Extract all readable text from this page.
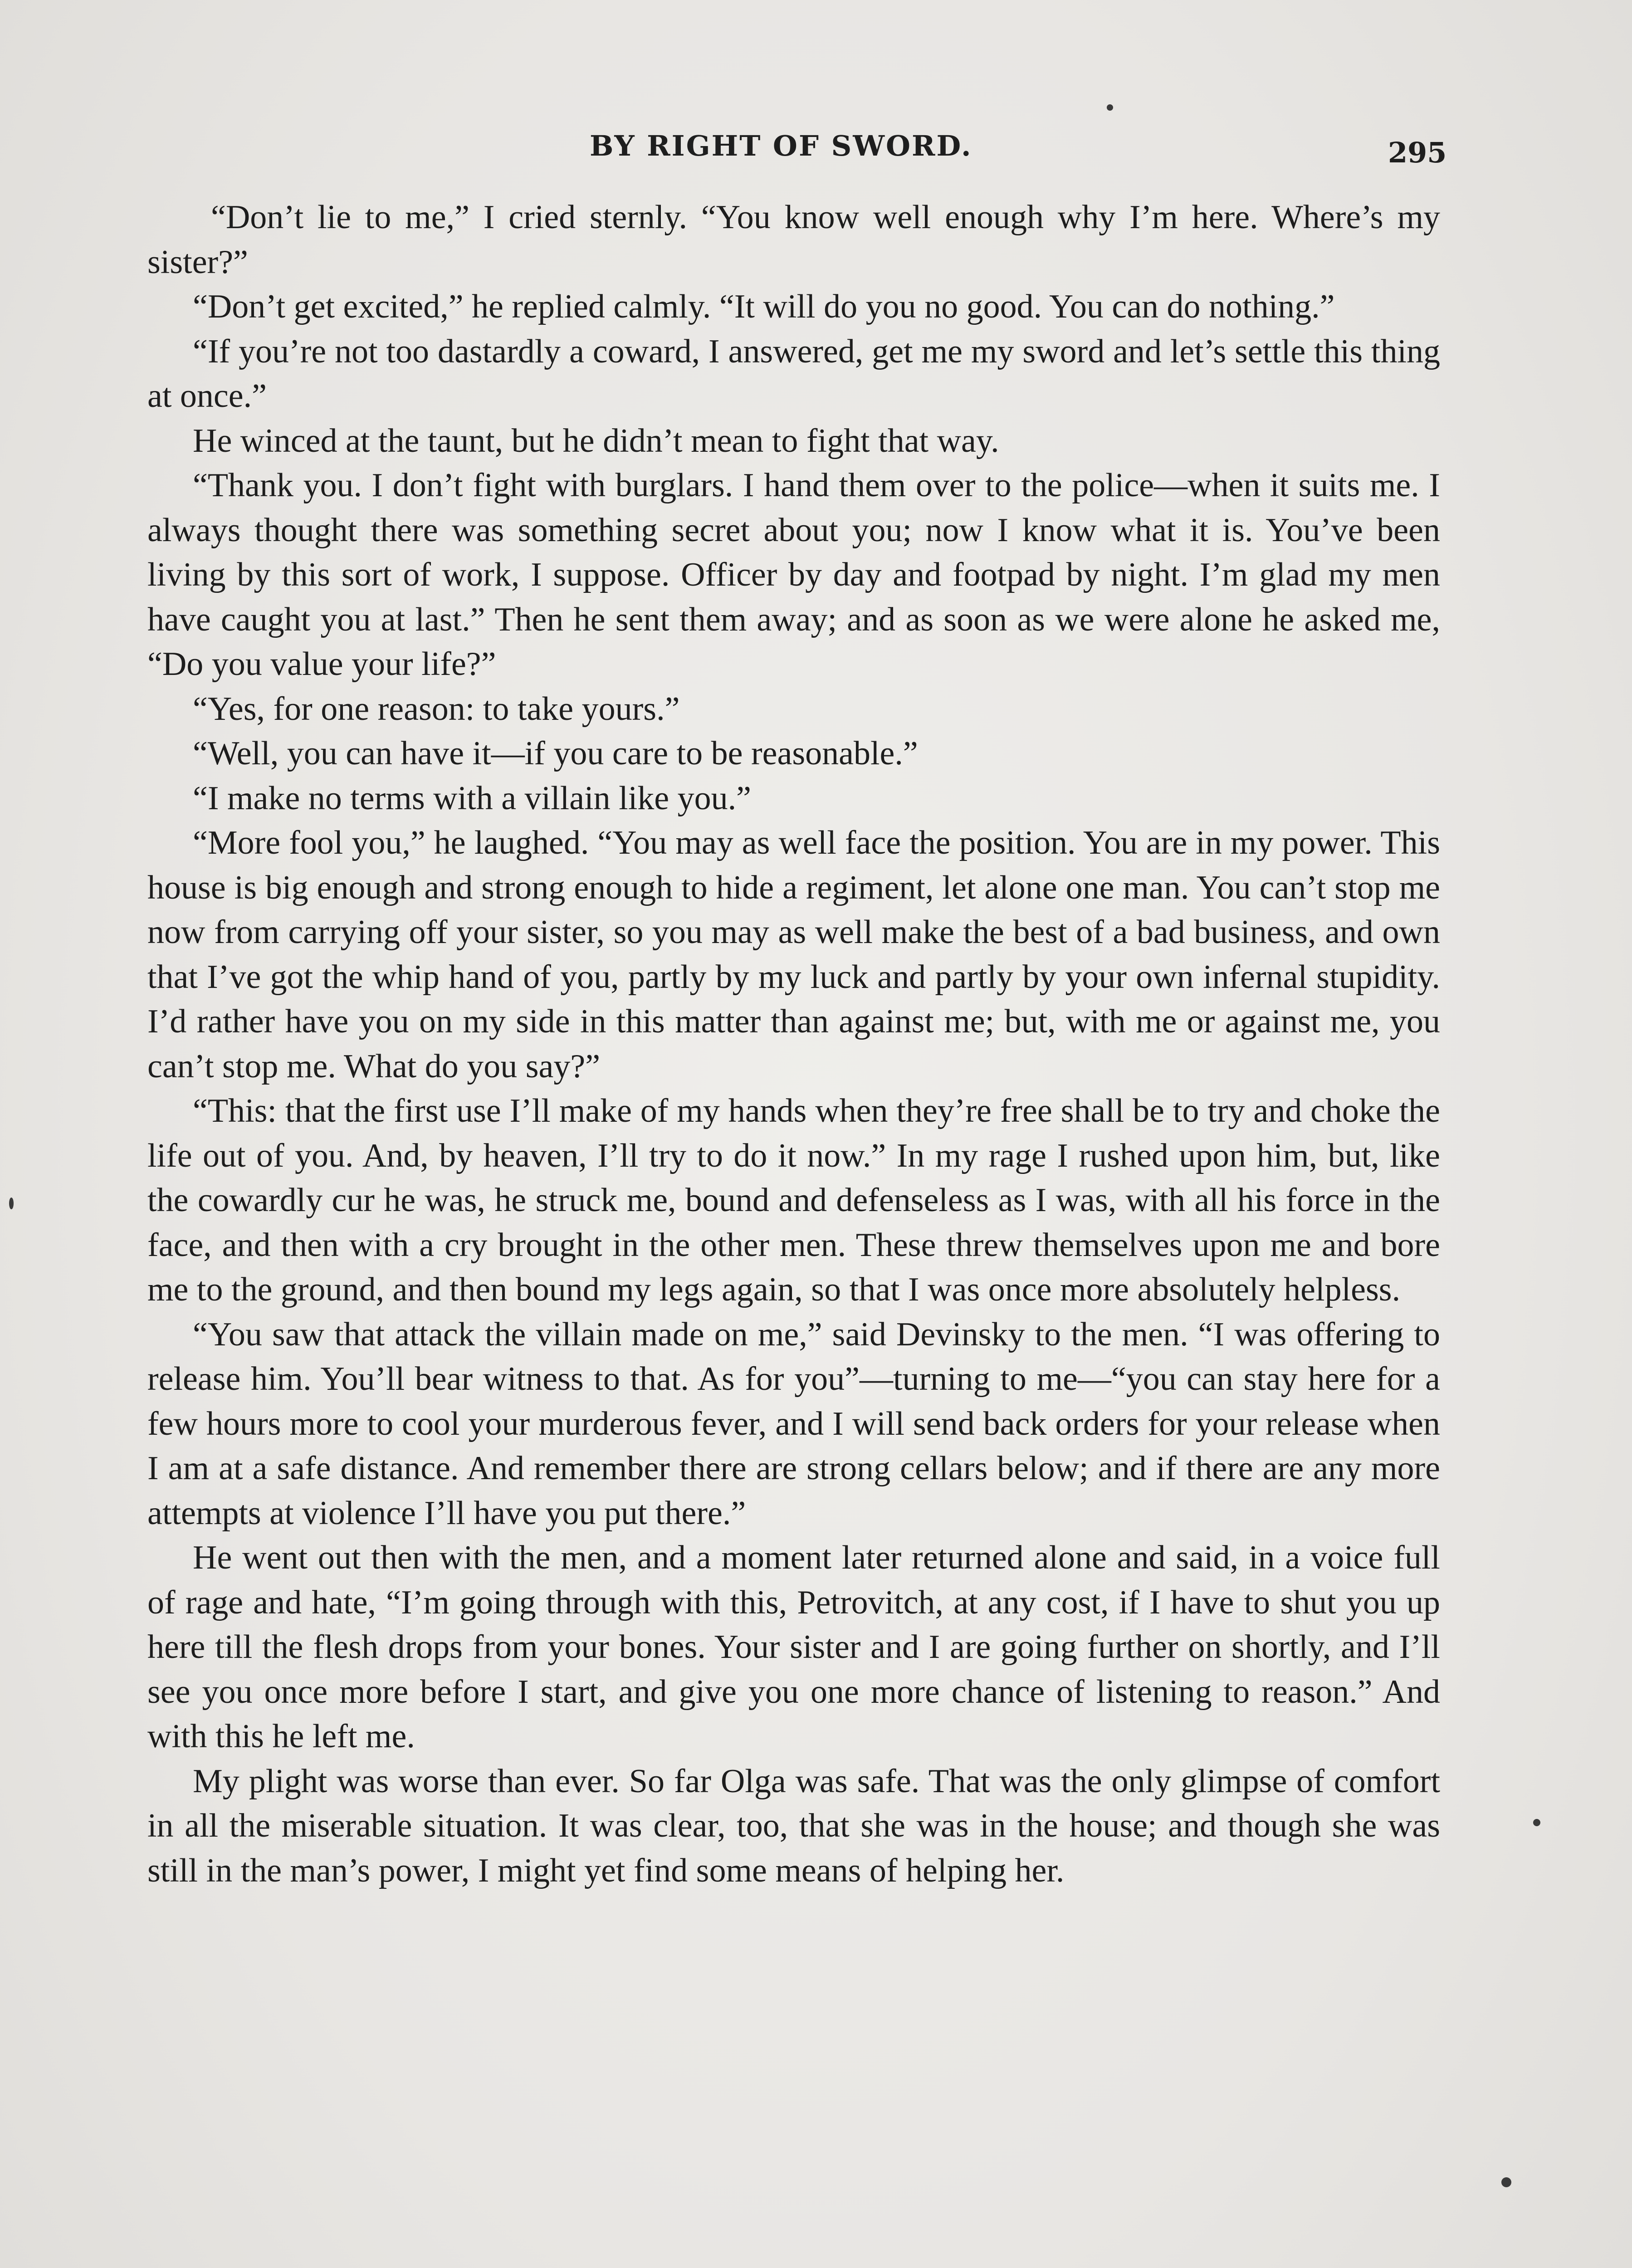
BY RIGHT OF SWORD.	295

“Don’t lie to me,” I cried sternly. “You know well enough why I’m here. Where’s my sister?”

“Don’t get excited,” he replied calmly. “It will do you no good. You can do nothing.”

“If you’re not too dastardly a coward, I answered, get me my sword and let’s settle this thing at once.”

He winced at the taunt, but he didn’t mean to fight that way.

“Thank you. I don’t fight with burglars. I hand them over to the police—when it suits me. I always thought there was something secret about you; now I know what it is. You’ve been living by this sort of work, I suppose. Officer by day and footpad by night. I’m glad my men have caught you at last.” Then he sent them away; and as soon as we were alone he asked me, “Do you value your life?”

“Yes, for one reason: to take yours.”

“Well, you can have it—if you care to be reasonable.”

“I make no terms with a villain like you.”

“More fool you,” he laughed. “You may as well face the position. You are in my power. This house is big enough and strong enough to hide a regiment, let alone one man. You can’t stop me now from carrying off your sister, so you may as well make the best of a bad business, and own that I’ve got the whip hand of you, partly by my luck and partly by your own infernal stupidity. I’d rather have you on my side in this matter than against me; but, with me or against me, you can’t stop me. What do you say?”

“This: that the first use I’ll make of my hands when they’re free shall be to try and choke the life out of you. And, by heaven, I’ll try to do it now.” In my rage I rushed upon him, but, like the cowardly cur he was, he struck me, bound and defenseless as I was, with all his force in the face, and then with a cry brought in the other men. These threw themselves upon me and bore me to the ground, and then bound my legs again, so that I was once more absolutely helpless.

“You saw that attack the villain made on me,” said Devinsky to the men. “I was offering to release him. You’ll bear witness to that. As for you”—turning to me—“you can stay here for a few hours more to cool your murderous fever, and I will send back orders for your release when I am at a safe distance. And remember there are strong cellars below; and if there are any more attempts at violence I’ll have you put there.”

He went out then with the men, and a moment later returned alone and said, in a voice full of rage and hate, “I’m going through with this, Petrovitch, at any cost, if I have to shut you up here till the flesh drops from your bones. Your sister and I are going further on shortly, and I’ll see you once more before I start, and give you one more chance of listening to reason.” And with this he left me.

My plight was worse than ever. So far Olga was safe. That was the only glimpse of comfort in all the miserable situation. It was clear, too, that she was in the house; and though she was still in the man’s power, I might yet find some means of helping her.
